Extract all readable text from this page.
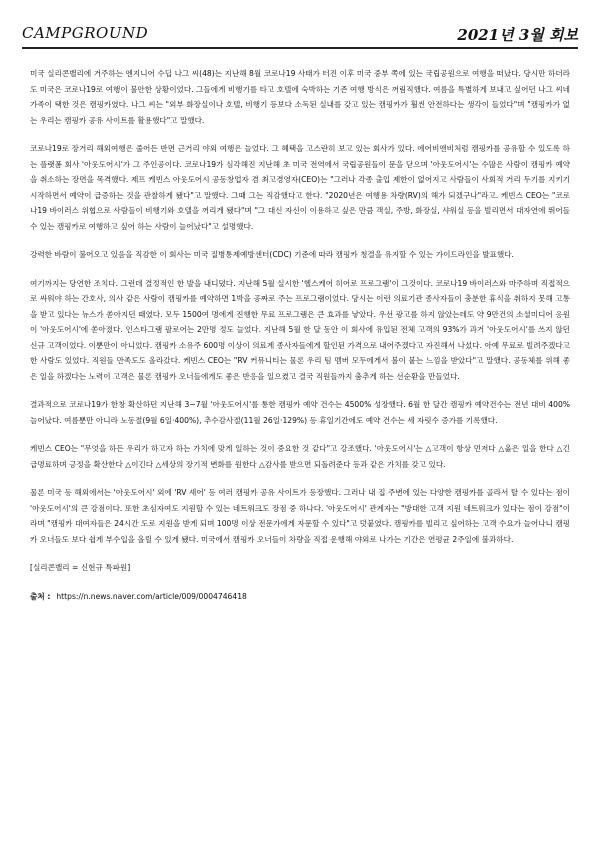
CAMPGROUND	2021년 3월 회보

미국 실리콘밸리에 거주하는 엔지니어 수딥 나그 씨(48)는 지난해 8월 코로나19 사태가 터진 이후 미국 중부 쪽에 있는 국립공원으로 여행을 떠났다. 당시만 하더라도 미국은 코로나19로 여행이 불안한 상황이었다. 그들에게 비행기를 타고 호텔에 숙박하는 기존 여행 방식은 꺼림직했다. 여름을 특별하게 보내고 싶어던 나그 씨네 가족이 택한 것은 캠핑카였다. 나그 씨는 "외부 화장실이나 호텔, 비행기 등보다 소독된 실내를 갖고 있는 캠핑카가 훨씬 안전하다는 생각이 들었다"며 "캠핑카가 없는 우리는 캠핑카 공유 사이트를 활용했다"고 말했다.

코로나19로 장거리 해외여행은 줄어든 반면 근거리 야외 여행은 늘었다. 그 혜택을 고스란히 보고 있는 회사가 있다. 에어비앤비처럼 캠핑카를 공유할 수 있도록 하는 플랫폼 회사 '아웃도어시'가 그 주인공이다. 코로나19가 심각해진 지난해 초 미국 전역에서 국립공원들이 문을 닫으며 '아웃도어시'는 수많은 사람이 캠핑카 예약을 취소하는 장면을 목격했다. 제프 케빈스 아웃도어시 공동창업자 겸 최고경영자(CEO)는 "그러나 각종 출입 제한이 없어지고 사람들이 사회적 거리 두기를 지키기 시작하면서 예약이 급증하는 것을 관찰하게 됐다"고 말했다. 그때 그는 직감했다고 한다. "2020년은 여행용 차량(RV)의 해가 되겠구나"라고. 케빈스 CEO는 "코로나19 바이러스 위협으로 사람들이 비행기와 호텔을 꺼리게 됐다"며 "그 대신 자신이 이용하고 싶은 만큼 객실, 주방, 화장실, 샤워실 등을 빌리면서 대자연에 뛰어들 수 있는 캠핑카로 여행하고 싶어 하는 사람이 늘어났다"고 설명했다.

강력한 바람이 불어오고 있음을 직감한 이 회사는 미국 질병통제예방센터(CDC) 기준에 따라 캠핑카 청결을 유지할 수 있는 가이드라인을 발표했다.

여기까지는 당연한 조치다. 그런데 결정적인 한 발을 내디뎠다. 지난해 5월 실시한 '헬스케어 히어로 프로그램'이 그것이다. 코로나19 바이러스와 마주하며 직접적으로 싸워야 하는 간호사, 의사 같은 사람이 캠핑카를 예약하면 1박을 공짜로 주는 프로그램이었다. 당시는 이런 의료기관 종사자들이 충분한 휴식을 취하지 못해 고통을 받고 있다는 뉴스가 쏟아지던 때였다. 모두 1500여 명에게 진행한 무료 프로그램은 큰 효과를 낳았다. 우선 광고를 하지 않았는데도 약 9만건의 소셜미디어 응원이 '아웃도어시'에 쏟아졌다. 인스타그램 팔로어는 2만명 정도 늘었다. 지난해 5월 한 달 동안 이 회사에 유입된 전체 고객의 93%가 과거 '아웃도어시'를 쓰지 않던 신규 고객이었다. 이뿐만이 아니었다. 캠핑카 소유주 600명 이상이 의료계 종사자들에게 할인된 가격으로 내어주겠다고 자진해서 나섰다. 아예 무료로 빌려주겠다고 한 사람도 있었다. 직원들 만족도도 올라갔다. 케빈스 CEO는 "RV 커뮤니티는 물론 우리 팀 멤버 모두에게서 불이 붙는 느낌을 받았다"고 말했다. 공동체를 위해 좋은 일을 하겠다는 노력이 고객은 물론 캠핑카 오너들에게도 좋은 반응을 일으켰고 결국 직원들까지 춤추게 하는 선순환을 만들었다.

결과적으로 코로나19가 한창 확산하던 지난해 3~7월 '아웃도어시'를 통한 캠핑카 예약 건수는 4500% 성장했다. 6월 한 달간 캠핑카 예약건수는 전년 대비 400% 늘어났다. 여름뿐만 아니라 노동절(9월 6일·400%), 추수감사절(11월 26일·129%) 등 휴일기간에도 예약 건수는 세 자릿수 증가를 기록했다.

케빈스 CEO는 "무엇을 하든 우리가 하고자 하는 가치에 맞게 일하는 것이 중요한 것 같다"고 강조했다. '아웃도어시'는 △고객이 항상 먼저다 △옳은 일을 한다 △긴급명료하며 긍정을 확산한다 △이긴다 △세상의 장기적 변화를 원한다 △감사를 받으면 되돌려준다 등과 같은 가치를 갖고 있다.

물론 미국 등 해외에서는 '아웃도어시' 외에 'RV 셰어' 등 여러 캠핑카 공유 사이트가 등장했다. 그러나 내 집 주변에 있는 다양한 캠핑카를 골라서 탈 수 있다는 점이 '아웃도어시'의 큰 강점이다. 또한 초심자여도 지원할 수 있는 네트워크도 장점 중 하나다. '아웃도어시' 관계자는 "방대한 고객 지원 네트워크가 있다는 점이 강점"이라며 "캠핑카 대여자들은 24시간 도로 지원을 받게 되며 100명 이상 전문가에게 자문할 수 있다"고 덧붙였다. 캠핑카를 빌리고 싶어하는 고객 수요가 늘어나니 캠핑카 오너들도 보다 쉽게 부수입을 올릴 수 있게 됐다. 미국에서 캠핑카 오너들이 차량을 직접 운행해 야외로 나가는 기간은 연평균 2주일에 불과하다.

[실리콘밸리 = 신현규 특파원]

출처 : https://n.news.naver.com/article/009/0004746418
